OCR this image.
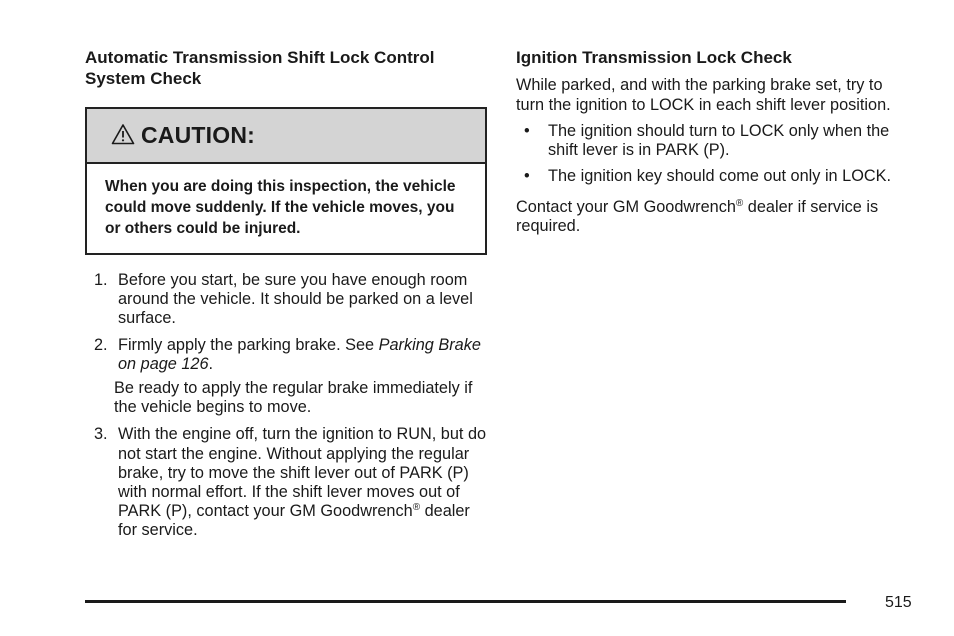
Automatic Transmission Shift Lock Control System Check
CAUTION:
When you are doing this inspection, the vehicle could move suddenly. If the vehicle moves, you or others could be injured.
1. Before you start, be sure you have enough room around the vehicle. It should be parked on a level surface.
2. Firmly apply the parking brake. See Parking Brake on page 126.
Be ready to apply the regular brake immediately if the vehicle begins to move.
3. With the engine off, turn the ignition to RUN, but do not start the engine. Without applying the regular brake, try to move the shift lever out of PARK (P) with normal effort. If the shift lever moves out of PARK (P), contact your GM Goodwrench® dealer for service.
Ignition Transmission Lock Check

While parked, and with the parking brake set, try to turn the ignition to LOCK in each shift lever position.

•	The ignition should turn to LOCK only when the shift lever is in PARK (P).
•	The ignition key should come out only in LOCK.

Contact your GM Goodwrench® dealer if service is required.

515
